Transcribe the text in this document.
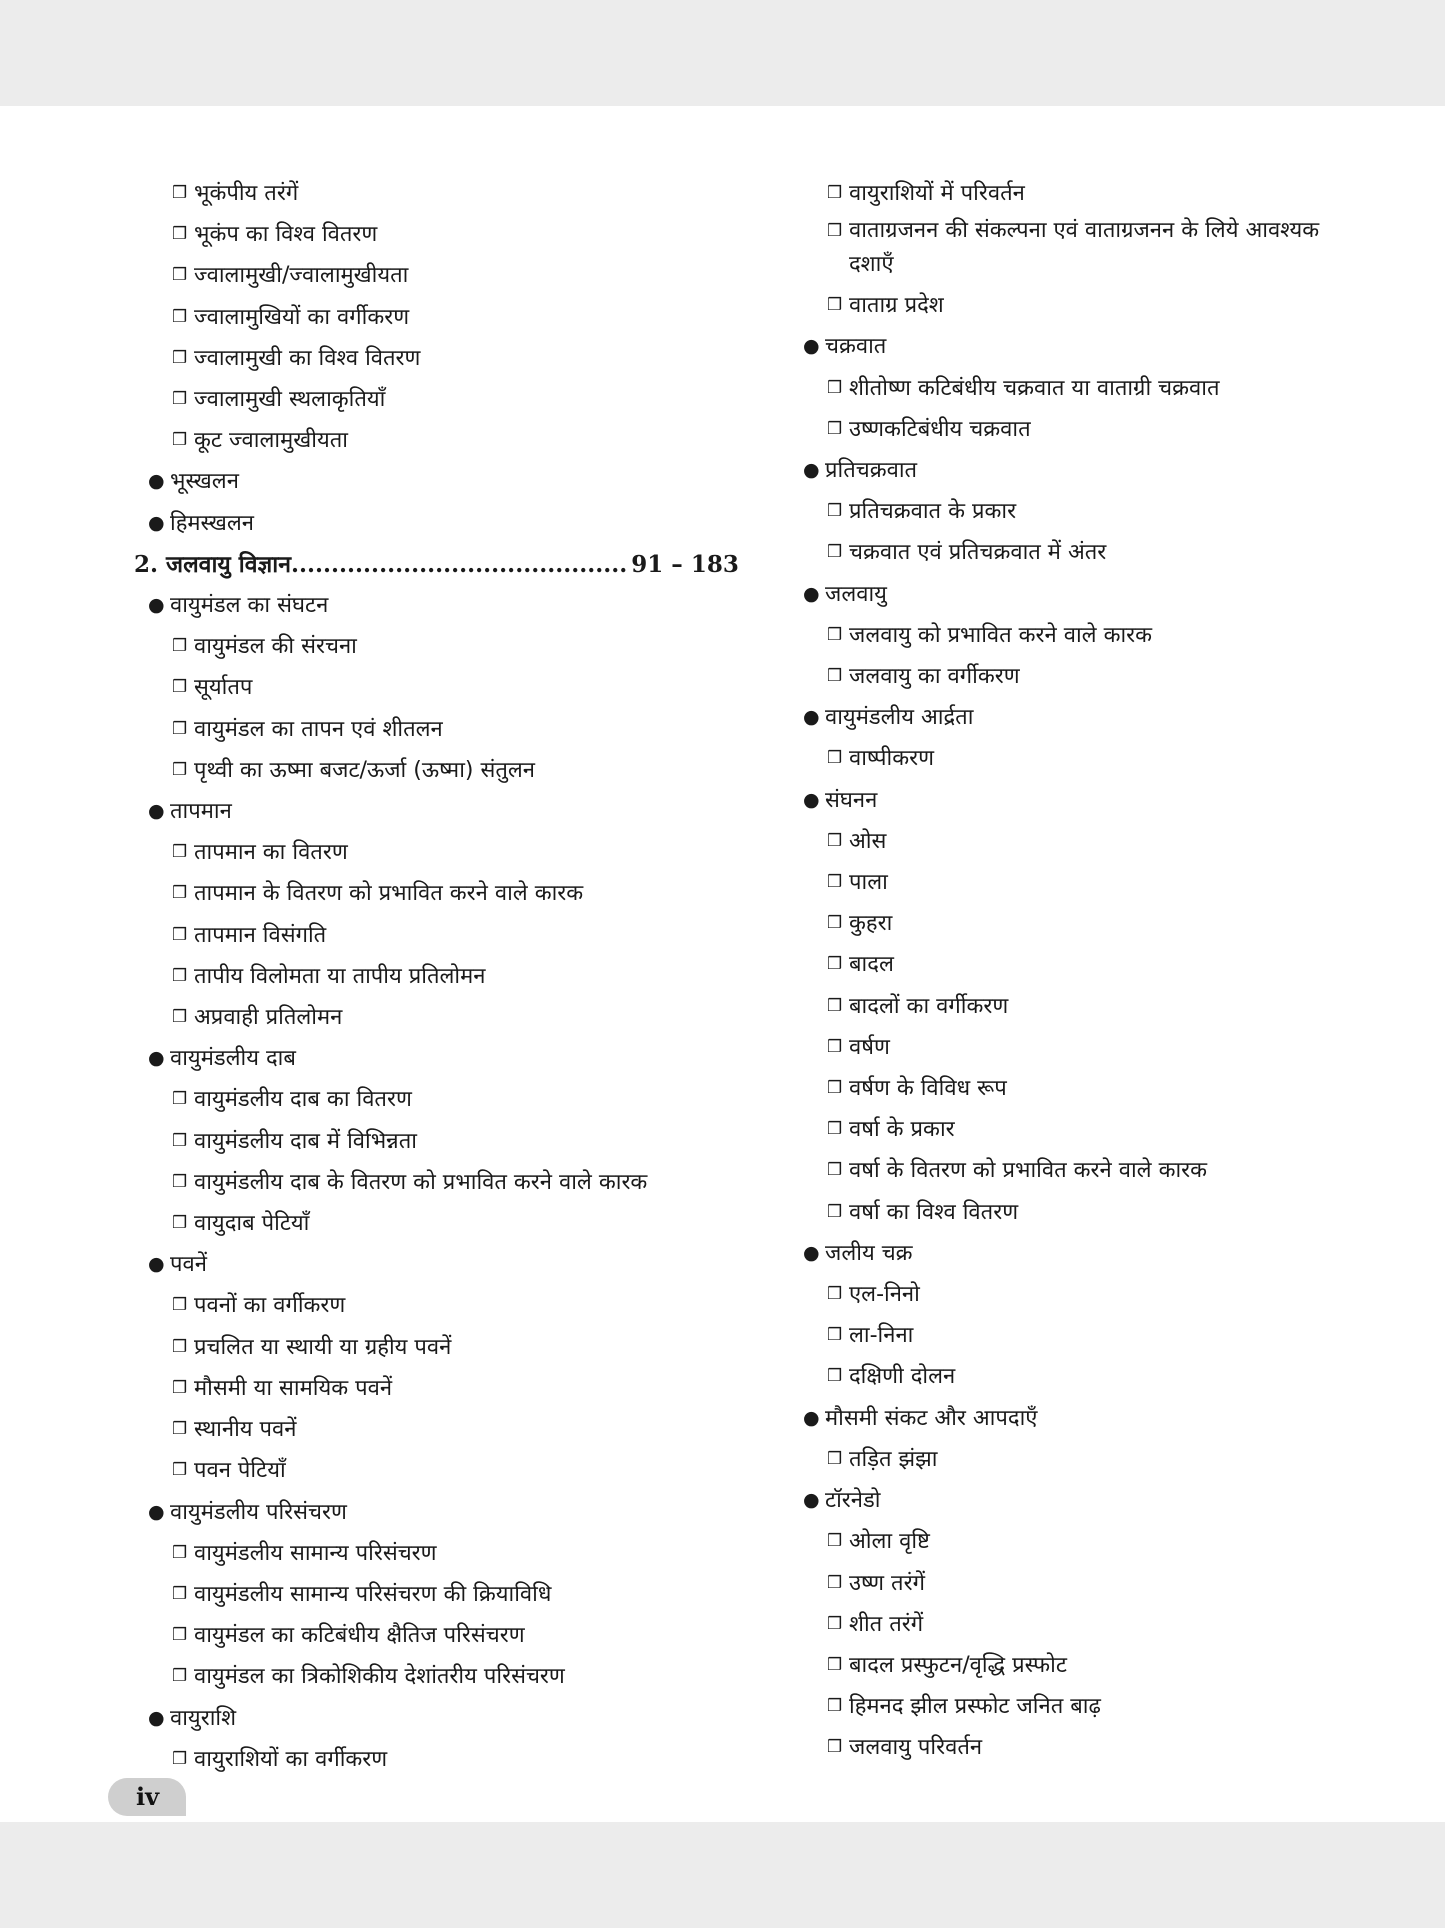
❒ भूकंपीय तरंगें
❒ भूकंप का विश्व वितरण
❒ ज्वालामुखी/ज्वालामुखीयता
❒ ज्वालामुखियों का वर्गीकरण
❒ ज्वालामुखी का विश्व वितरण
❒ ज्वालामुखी स्थलाकृतियाँ
❒ कूट ज्वालामुखीयता
● भूस्खलन
● हिमस्खलन
2. जलवायु विज्ञान.......................................... 91 – 183
● वायुमंडल का संघटन
❒ वायुमंडल की संरचना
❒ सूर्यातप
❒ वायुमंडल का तापन एवं शीतलन
❒ पृथ्वी का ऊष्मा बजट/ऊर्जा (ऊष्मा) संतुलन
● तापमान
❒ तापमान का वितरण
❒ तापमान के वितरण को प्रभावित करने वाले कारक
❒ तापमान विसंगति
❒ तापीय विलोमता या तापीय प्रतिलोमन
❒ अप्रवाही प्रतिलोमन
● वायुमंडलीय दाब
❒ वायुमंडलीय दाब का वितरण
❒ वायुमंडलीय दाब में विभिन्नता
❒ वायुमंडलीय दाब के वितरण को प्रभावित करने वाले कारक
❒ वायुदाब पेटियाँ
● पवनें
❒ पवनों का वर्गीकरण
❒ प्रचलित या स्थायी या ग्रहीय पवनें
❒ मौसमी या सामयिक पवनें
❒ स्थानीय पवनें
❒ पवन पेटियाँ
● वायुमंडलीय परिसंचरण
❒ वायुमंडलीय सामान्य परिसंचरण
❒ वायुमंडलीय सामान्य परिसंचरण की क्रियाविधि
❒ वायुमंडल का कटिबंधीय क्षैतिज परिसंचरण
❒ वायुमंडल का त्रिकोशिकीय देशांतरीय परिसंचरण
● वायुराशि
❒ वायुराशियों का वर्गीकरण
❒ वायुराशियों में परिवर्तन
❒ वाताग्रजनन की संकल्पना एवं वाताग्रजनन के लिये आवश्यक दशाएँ
❒ वाताग्र प्रदेश
● चक्रवात
❒ शीतोष्ण कटिबंधीय चक्रवात या वाताग्री चक्रवात
❒ उष्णकटिबंधीय चक्रवात
● प्रतिचक्रवात
❒ प्रतिचक्रवात के प्रकार
❒ चक्रवात एवं प्रतिचक्रवात में अंतर
● जलवायु
❒ जलवायु को प्रभावित करने वाले कारक
❒ जलवायु का वर्गीकरण
● वायुमंडलीय आर्द्रता
❒ वाष्पीकरण
● संघनन
❒ ओस
❒ पाला
❒ कुहरा
❒ बादल
❒ बादलों का वर्गीकरण
❒ वर्षण
❒ वर्षण के विविध रूप
❒ वर्षा के प्रकार
❒ वर्षा के वितरण को प्रभावित करने वाले कारक
❒ वर्षा का विश्व वितरण
● जलीय चक्र
❒ एल-निनो
❒ ला-निना
❒ दक्षिणी दोलन
● मौसमी संकट और आपदाएँ
❒ तड़ित झंझा
● टॉरनेडो
❒ ओला वृष्टि
❒ उष्ण तरंगें
❒ शीत तरंगें
❒ बादल प्रस्फुटन/वृद्धि प्रस्फोट
❒ हिमनद झील प्रस्फोट जनित बाढ़
❒ जलवायु परिवर्तन
iv
